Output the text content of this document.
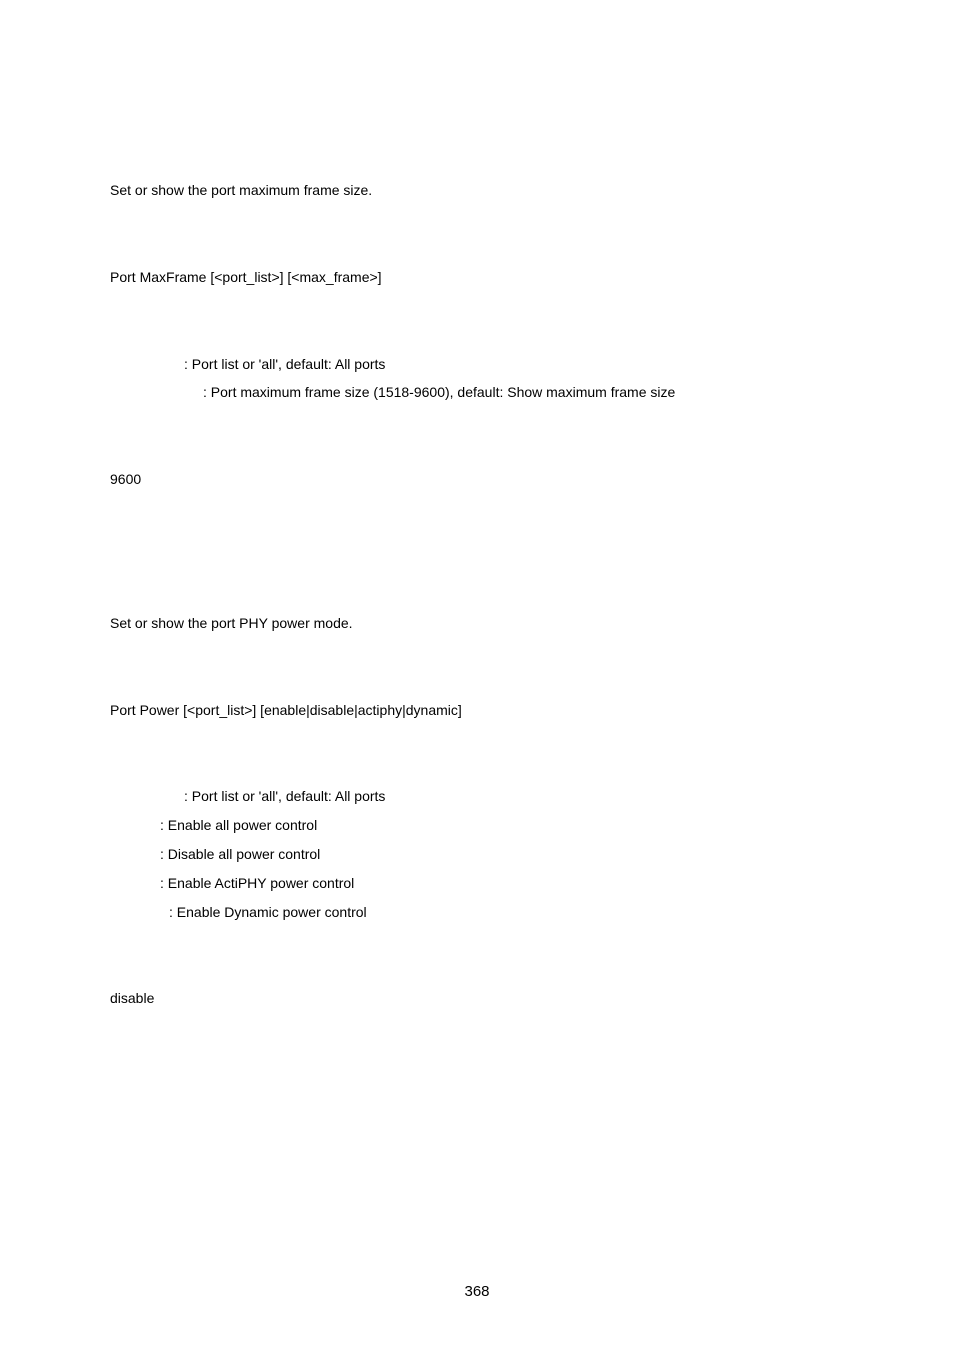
Set or show the port maximum frame size.
Port MaxFrame [<port_list>] [<max_frame>]
: Port list or 'all', default: All ports
: Port maximum frame size (1518-9600), default: Show maximum frame size
9600
Set or show the port PHY power mode.
Port Power [<port_list>] [enable|disable|actiphy|dynamic]
: Port list or 'all', default: All ports
: Enable all power control
: Disable all power control
: Enable ActiPHY power control
: Enable Dynamic power control
disable
368
